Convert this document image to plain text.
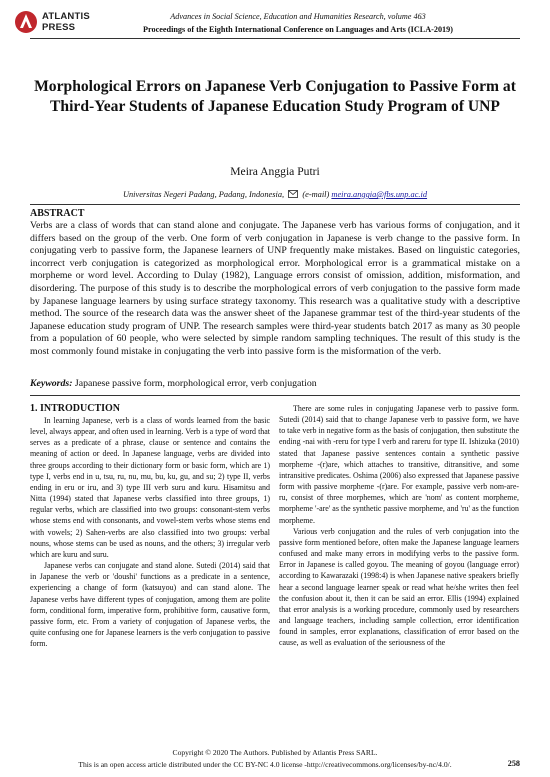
ATLANTIS
PRESS
Advances in Social Science, Education and Humanities Research, volume 463
Proceedings of the Eighth International Conference on Languages and Arts (ICLA-2019)
Morphological Errors on Japanese Verb Conjugation to Passive Form at Third-Year Students of Japanese Education Study Program of UNP
Meira Anggia Putri
Universitas Negeri Padang, Padang, Indonesia, (e-mail) meira.anggia@fbs.unp.ac.id
ABSTRACT

Verbs are a class of words that can stand alone and conjugate. The Japanese verb has various forms of conjugation, and it differs based on the group of the verb. One form of verb conjugation in Japanese is verb change to the passive form. In conjugating verb to passive form, the Japanese learners of UNP frequently make mistakes. Based on linguistic categories, incorrect verb conjugation is categorized as morphological error. Morphological error is a grammatical mistake on a morpheme or word level. According to Dulay (1982), Language errors consist of omission, addition, misformation, and disordering. The purpose of this study is to describe the morphological errors of verb conjugation to the passive form made by Japanese language learners by using surface strategy taxonomy. This research was a qualitative study with a descriptive method. The source of the research data was the answer sheet of the Japanese grammar test of the third-year students of the Japanese education study program of UNP. The research samples were third-year students batch 2017 as many as 30 people from a population of 60 people, who were selected by simple random sampling techniques. The result of this study is the most commonly found mistake in conjugating the verb into passive form is the misformation of the verb.

Keywords: Japanese passive form, morphological error, verb conjugation
1. INTRODUCTION

In learning Japanese, verb is a class of words learned from the basic level, always appear, and often used in learning. Verb is a type of word that serves as a predicate of a phrase, clause or sentence and contains the meaning of action or deed. In Japanese language, verbs are divided into three groups according to their dictionary form or basic form, which are 1) type I, verbs end in u, tsu, ru, nu, mu, bu, ku, gu, and su; 2) type II, verbs ending in eru or iru, and 3) type III verb suru and kuru. Hisamitsu and Nitta (1994) stated that Japanese verbs classified into three groups, 1) regular verbs, which are classified into two groups: consonant-stem verbs whose stems end with consonants, and vowel-stem verbs whose stems end with vowels; 2) Sahen-verbs are also classified into two groups: verbal nouns, whose stems can be used as nouns, and the others; 3) irregular verb which are kuru and suru.

Japanese verbs can conjugate and stand alone. Sutedi (2014) said that in Japanese the verb or 'doushi' functions as a predicate in a sentence, experiencing a change of form (katsuyou) and can stand alone. The Japanese verbs have different types of conjugation, among them are polite form, conditional form, imperative form, prohibitive form, causative form, passive form, etc. From a variety of conjugation of Japanese verbs, the quite confusing one for Japanese learners is the verb conjugation to passive form.

There are some rules in conjugating Japanese verb to passive form. Sutedi (2014) said that to change Japanese verb to passive form, we have to take verb in negative form as the basis of conjugation, then substitute the ending -nai with -reru for type I verb and rareru for type II. Ishizuka (2010) stated that Japanese passive sentences contain a synthetic passive morpheme -(r)are, which attaches to transitive, ditransitive, and some intransitive predicates. Oshima (2006) also expressed that Japanese passive form with passive morpheme -(r)are. For example, passive verb nom-are-ru, consist of three morphemes, which are 'nom' as content morpheme, morpheme '-are' as the synthetic passive morpheme, and 'ru' as the function morpheme.

Various verb conjugation and the rules of verb conjugation into the passive form mentioned before, often make the Japanese language learners confused and make many errors in modifying verbs to the passive form. Error in Japanese is called goyou. The meaning of goyou (language error) according to Kawarazaki (1998:4) is when Japanese native speakers briefly hear a second language learner speak or read what he/she writes then feel the confusion about it, then it can be said an error. Ellis (1994) explained that error analysis is a working procedure, commonly used by researchers and language teachers, including sample collection, error identification found in samples, error explanations, classification of error based on the cause, as well as evaluation of the seriousness of the

Copyright © 2020 The Authors. Published by Atlantis Press SARL.
This is an open access article distributed under the CC BY-NC 4.0 license -http://creativecommons.org/licenses/by-nc/4.0/.	258
